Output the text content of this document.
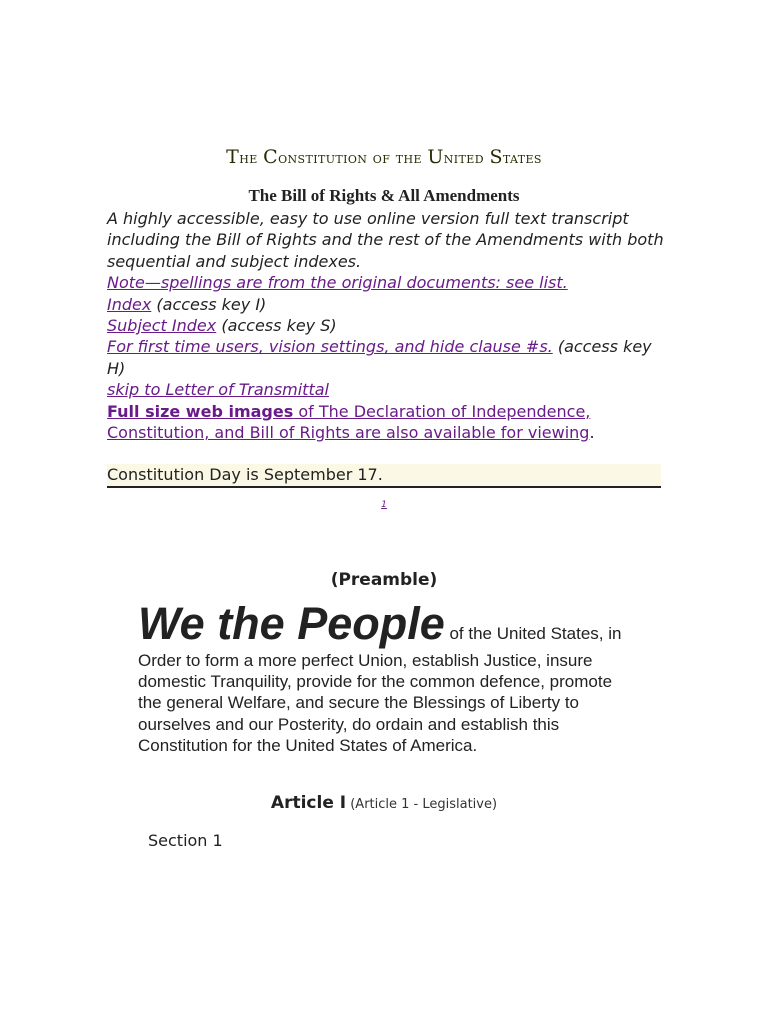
The Constitution of the United States
The Bill of Rights & All Amendments

A highly accessible, easy to use online version full text transcript including the Bill of Rights and the rest of the Amendments with both sequential and subject indexes.

Note—spellings are from the original documents: see list.

Index (access key I)

Subject Index (access key S)

For first time users, vision settings, and hide clause #s. (access key H)

skip to Letter of Transmittal

Full size web images of The Declaration of Independence, Constitution, and Bill of Rights are also available for viewing.

Constitution Day is September 17.
1
(Preamble)
We the People of the United States, in Order to form a more perfect Union, establish Justice, insure domestic Tranquility, provide for the common defence, promote the general Welfare, and secure the Blessings of Liberty to ourselves and our Posterity, do ordain and establish this Constitution for the United States of America.
Article I (Article 1 - Legislative)
Section 1
